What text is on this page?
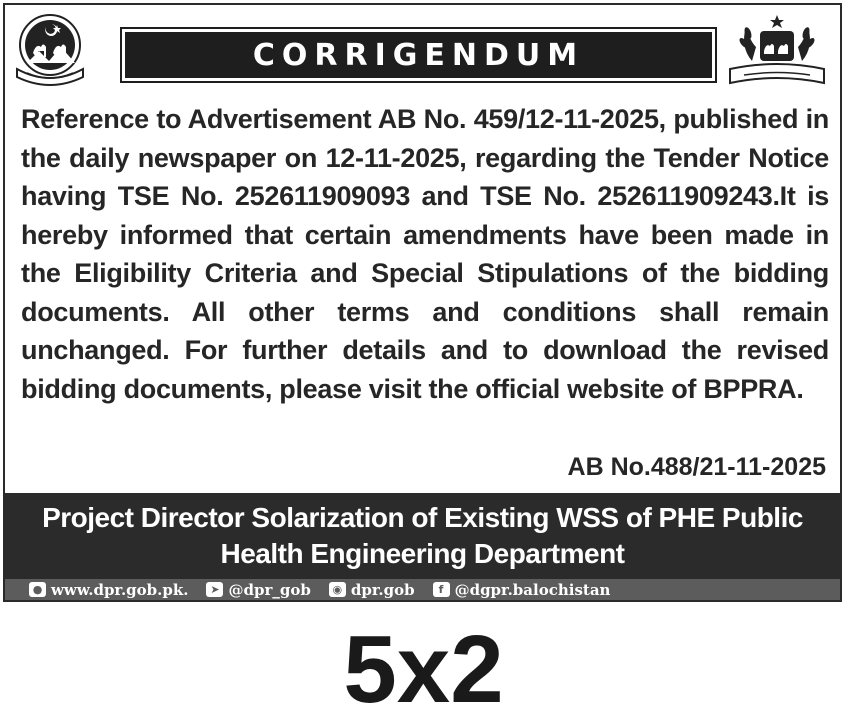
CORRIGENDUM
Reference to Advertisement AB No. 459/12-11-2025, published in the daily newspaper on 12-11-2025, regarding the Tender Notice having TSE No. 252611909093 and TSE No. 252611909243.It is hereby informed that certain amendments have been made in the Eligibility Criteria and Special Stipulations of the bidding documents. All other terms and conditions shall remain unchanged. For further details and to download the revised bidding documents, please visit the official website of BPPRA.
AB No.488/21-11-2025
Project Director Solarization of Existing WSS of PHE Public
Health Engineering Department
● www.dpr.gob.pk.	➤ @dpr_gob	◉ dpr.gob	f @dgpr.balochistan
5x2
